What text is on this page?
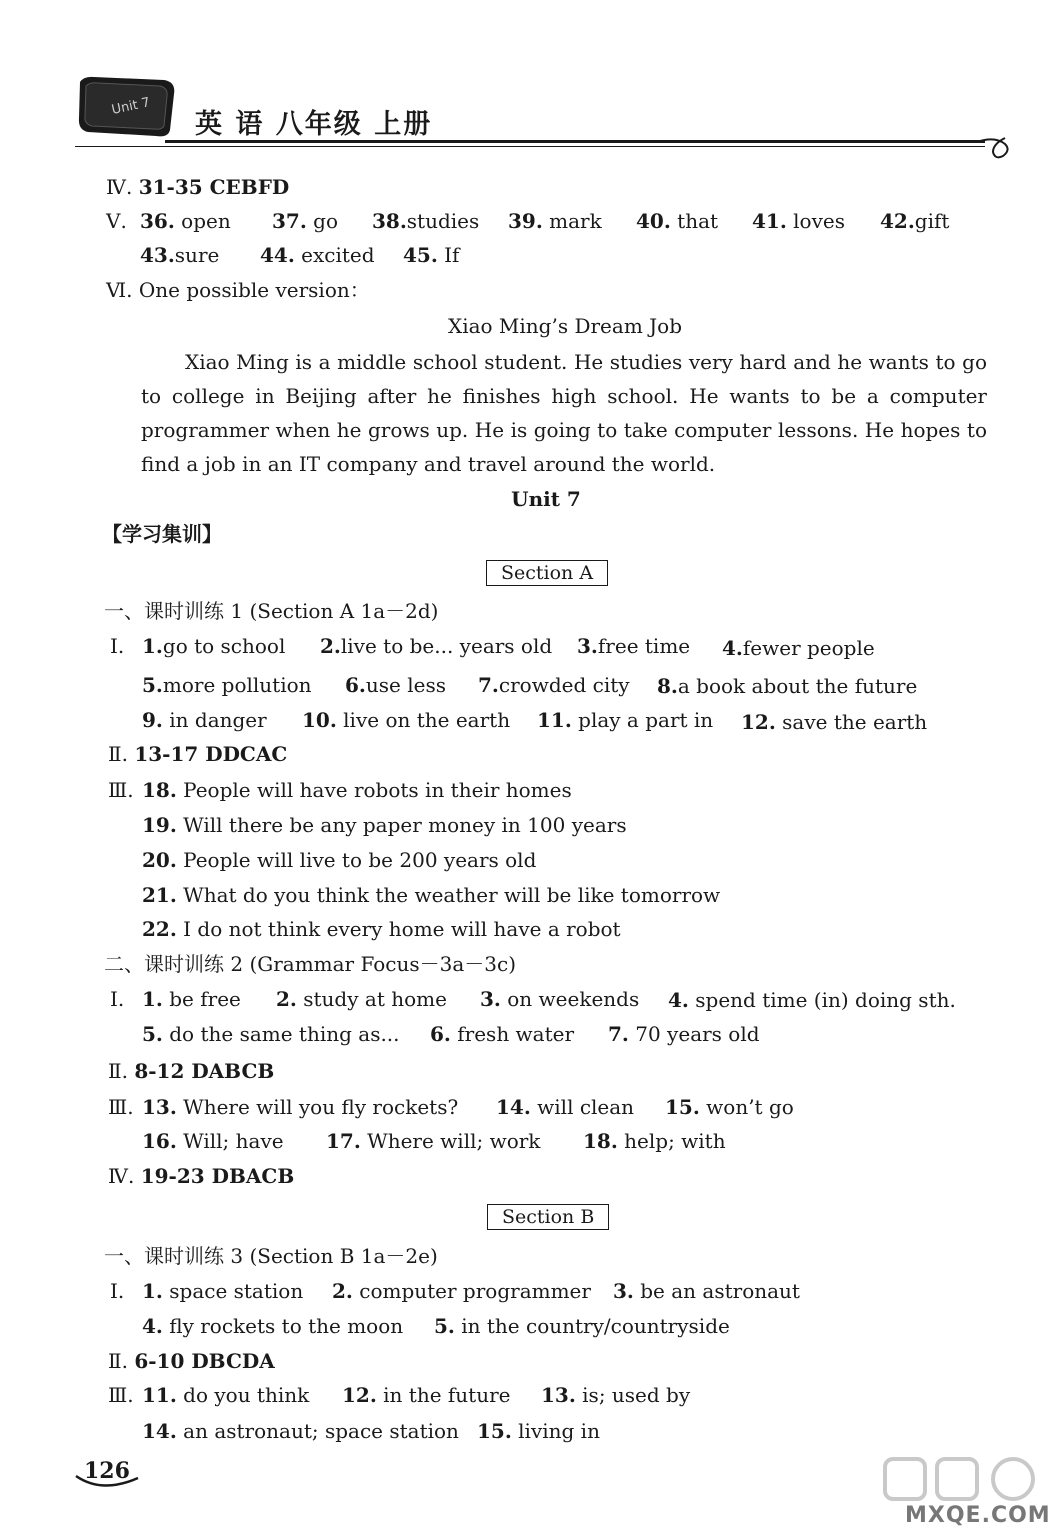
Unit 7
英 语 八年级 上册
Ⅳ. 31-35 CEBFD
Ⅴ. 36. open 37. go 38.studies 39. mark 40. that 41. loves 42.gift
43.sure 44. excited 45. If
Ⅵ. One possible version：
Xiao Ming’s Dream Job
Xiao Ming is a middle school student. He studies very hard and he wants to go to college in Beijing after he finishes high school. He wants to be a computer programmer when he grows up. He is going to take computer lessons. He hopes to find a job in an IT company and travel around the world.
Unit 7
【学习集训】
Section A
一、课时训练 1 (Section A 1a－2d)
Ⅰ. 1.go to school 2.live to be... years old 3.free time 4.fewer people
5.more pollution 6.use less 7.crowded city 8.a book about the future
9. in danger 10. live on the earth 11. play a part in 12. save the earth
Ⅱ. 13-17 DDCAC
Ⅲ. 18. People will have robots in their homes
19. Will there be any paper money in 100 years
20. People will live to be 200 years old
21. What do you think the weather will be like tomorrow
22. I do not think every home will have a robot
二、课时训练 2 (Grammar Focus－3a－3c)
Ⅰ. 1. be free 2. study at home 3. on weekends 4. spend time (in) doing sth.
5. do the same thing as... 6. fresh water 7. 70 years old
Ⅱ. 8-12 DABCB
Ⅲ. 13. Where will you fly rockets? 14. will clean 15. won’t go
16. Will; have 17. Where will; work 18. help; with
Ⅳ. 19-23 DBACB
Section B
一、课时训练 3 (Section B 1a－2e)
Ⅰ. 1. space station 2. computer programmer 3. be an astronaut
4. fly rockets to the moon 5. in the country/countryside
Ⅱ. 6-10 DBCDA
Ⅲ. 11. do you think 12. in the future 13. is; used by
14. an astronaut; space station 15. living in
126
MXQE.COM
